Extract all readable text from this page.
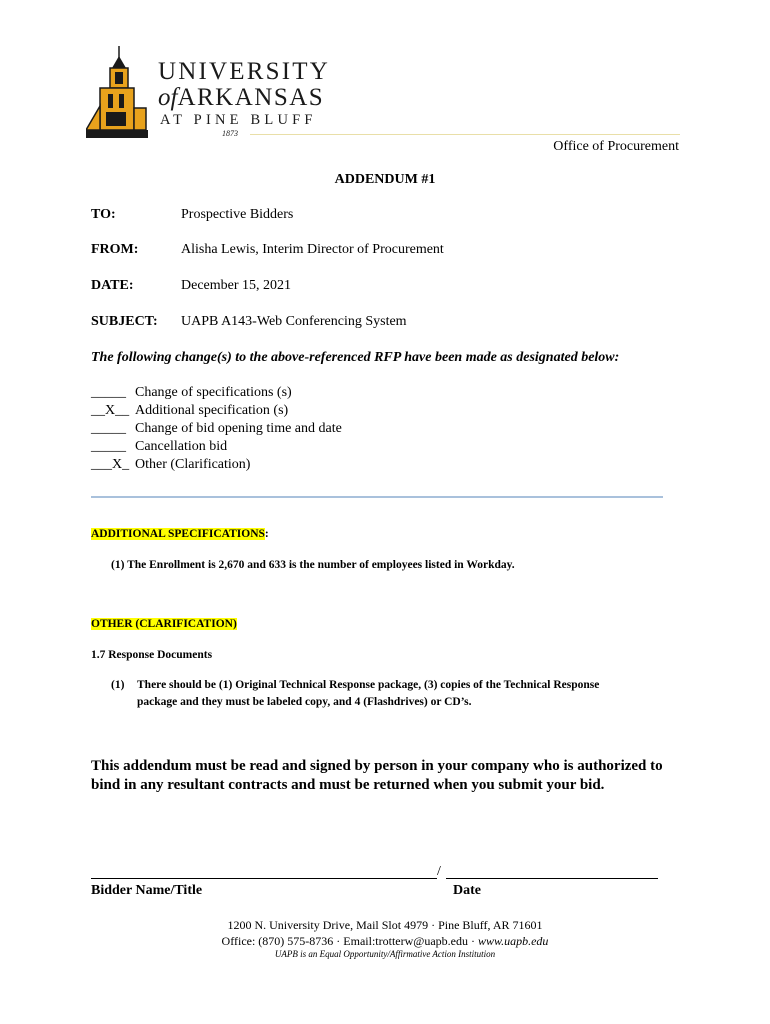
UNIVERSITY
ofARKANSAS
AT PINE BLUFF
1873
Office of Procurement
ADDENDUM #1
TO:	Prospective Bidders
FROM:	Alisha Lewis, Interim Director of Procurement
DATE:	December 15, 2021
SUBJECT: UAPB A143-Web Conferencing System
The following change(s) to the above-referenced RFP have been made as designated below:
_____ Change of specifications (s)
__X__ Additional specification (s)
_____ Change of bid opening time and date
_____ Cancellation bid
___X_ Other (Clarification)
ADDITIONAL SPECIFICATIONS:
(1) The Enrollment is 2,670 and 633 is the number of employees listed in Workday.
OTHER (CLARIFICATION)
1.7 Response Documents
(1) There should be (1) Original Technical Response package, (3) copies of the Technical Response
package and they must be labeled copy, and 4 (Flashdrives) or CD’s.
This addendum must be read and signed by person in your company who is authorized to bind in any resultant contracts and must be returned when you submit your bid.
/
Bidder Name/Title	Date
1200 N. University Drive, Mail Slot 4979 · Pine Bluff, AR 71601
Office: (870) 575-8736 · Email:trotterw@uapb.edu · www.uapb.edu
UAPB is an Equal Opportunity/Affirmative Action Institution
